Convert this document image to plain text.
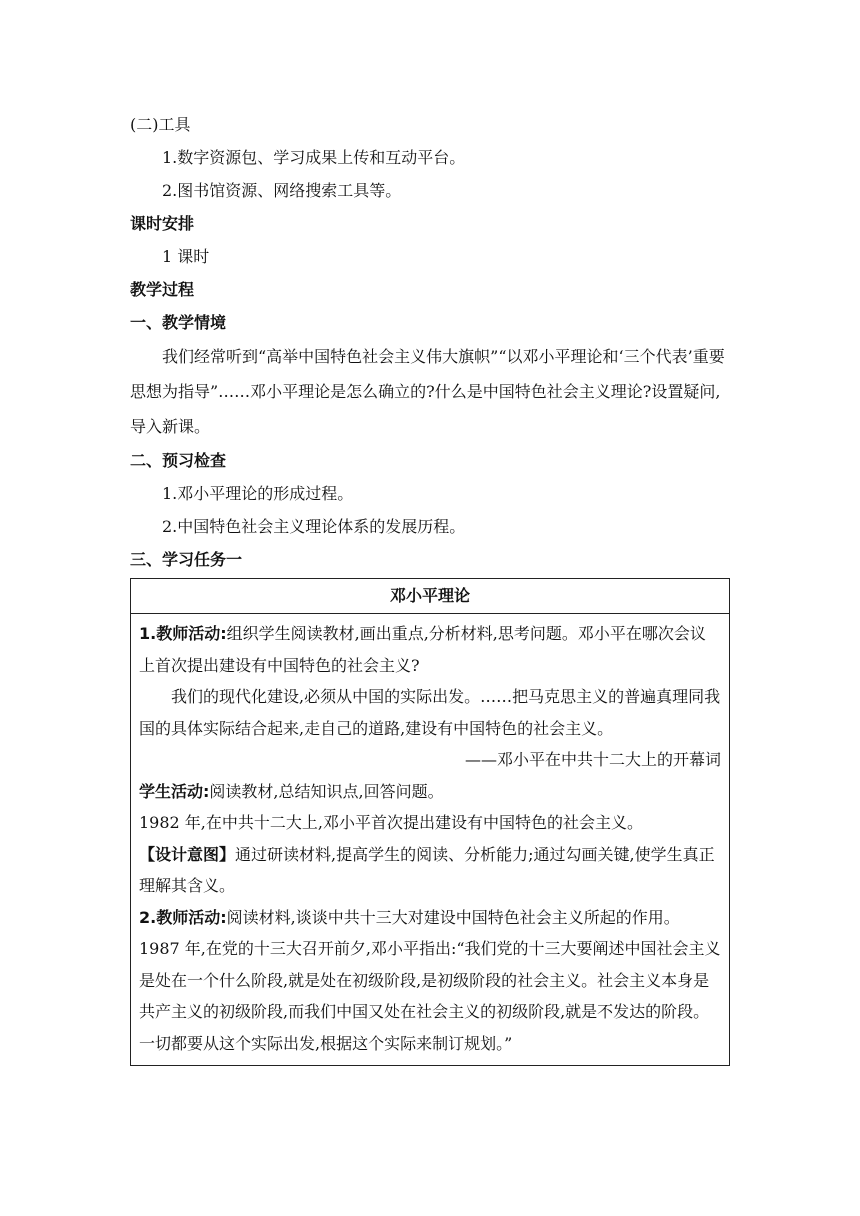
(二)工具

1.数字资源包、学习成果上传和互动平台。

2.图书馆资源、网络搜索工具等。

课时安排

1 课时

教学过程

一、教学情境

我们经常听到“高举中国特色社会主义伟大旗帜”“以邓小平理论和‘三个代表’重要思想为指导”……邓小平理论是怎么确立的?什么是中国特色社会主义理论?设置疑问,导入新课。

二、预习检查

1.邓小平理论的形成过程。

2.中国特色社会主义理论体系的发展历程。

三、学习任务一

邓小平理论

1.教师活动:组织学生阅读教材,画出重点,分析材料,思考问题。邓小平在哪次会议上首次提出建设有中国特色的社会主义?

我们的现代化建设,必须从中国的实际出发。……把马克思主义的普遍真理同我国的具体实际结合起来,走自己的道路,建设有中国特色的社会主义。

——邓小平在中共十二大上的开幕词

学生活动:阅读教材,总结知识点,回答问题。

1982 年,在中共十二大上,邓小平首次提出建设有中国特色的社会主义。

【设计意图】通过研读材料,提高学生的阅读、分析能力;通过勾画关键,使学生真正理解其含义。

2.教师活动:阅读材料,谈谈中共十三大对建设中国特色社会主义所起的作用。

1987 年,在党的十三大召开前夕,邓小平指出:“我们党的十三大要阐述中国社会主义是处在一个什么阶段,就是处在初级阶段,是初级阶段的社会主义。社会主义本身是共产主义的初级阶段,而我们中国又处在社会主义的初级阶段,就是不发达的阶段。一切都要从这个实际出发,根据这个实际来制订规划。”
